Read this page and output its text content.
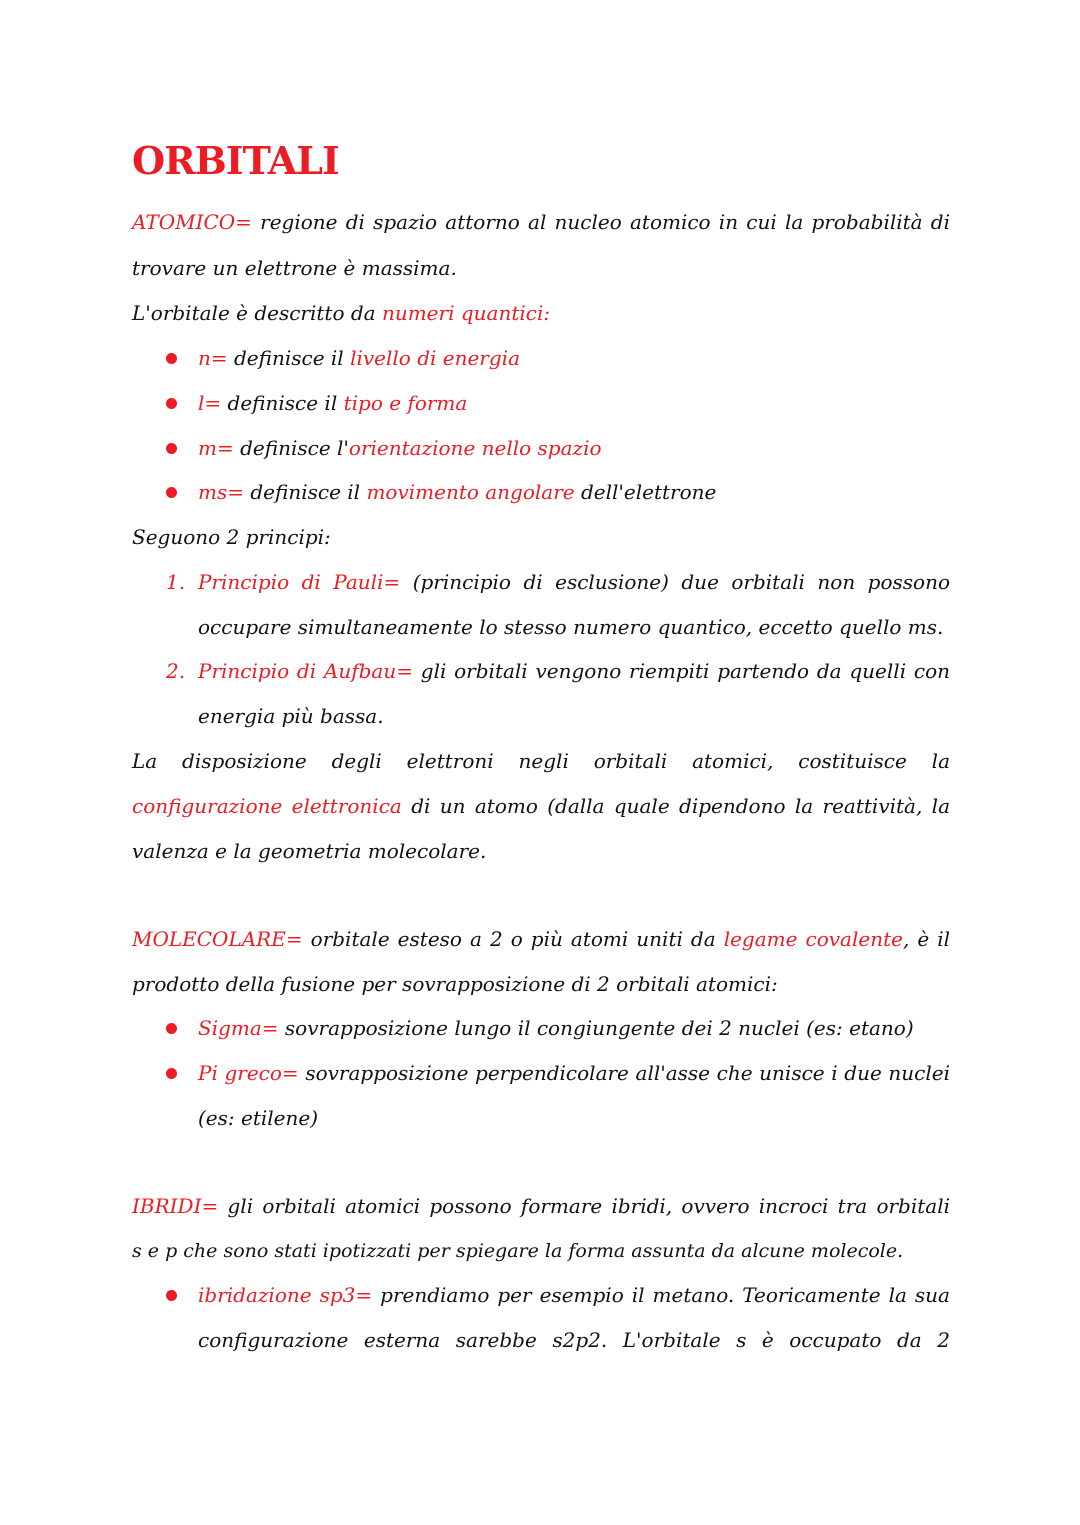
ORBITALI
ATOMICO= regione di spazio attorno al nucleo atomico in cui la probabilità di
trovare un elettrone è massima.
L'orbitale è descritto da numeri quantici:
n= definisce il livello di energia
l= definisce il tipo e forma
m= definisce l'orientazione nello spazio
ms= definisce il movimento angolare dell'elettrone
Seguono 2 principi:
1. Principio di Pauli= (principio di esclusione) due orbitali non possono
occupare simultaneamente lo stesso numero quantico, eccetto quello ms.
2. Principio di Aufbau= gli orbitali vengono riempiti partendo da quelli con
energia più bassa.
La disposizione degli elettroni negli orbitali atomici, costituisce la
configurazione elettronica di un atomo (dalla quale dipendono la reattività, la
valenza e la geometria molecolare.
MOLECOLARE= orbitale esteso a 2 o più atomi uniti da legame covalente, è il
prodotto della fusione per sovrapposizione di 2 orbitali atomici:
Sigma= sovrapposizione lungo il congiungente dei 2 nuclei (es: etano)
Pi greco= sovrapposizione perpendicolare all'asse che unisce i due nuclei
(es: etilene)
IBRIDI= gli orbitali atomici possono formare ibridi, ovvero incroci tra orbitali
s e p che sono stati ipotizzati per spiegare la forma assunta da alcune molecole.
ibridazione sp3= prendiamo per esempio il metano. Teoricamente la sua
configurazione esterna sarebbe s2p2. L'orbitale s è occupato da 2
